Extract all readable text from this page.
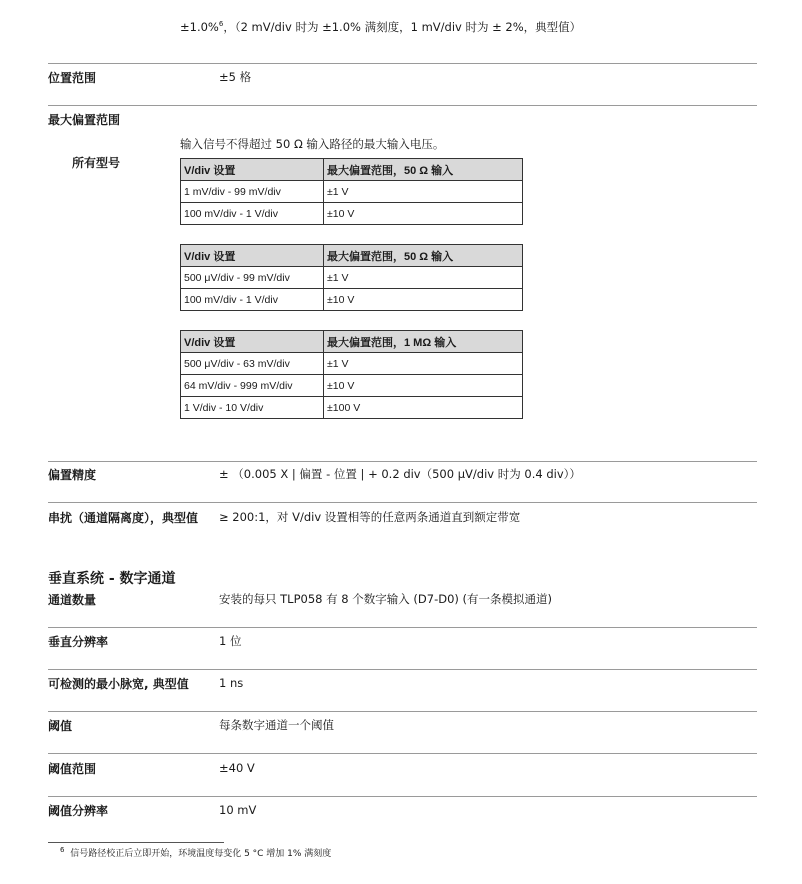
±1.0%$^6$，（2 mV/div 时为 ±1.0% 满刻度，1 mV/div 时为 ± 2%，典型值）
位置范围	±5 格
最大偏置范围
输入信号不得超过 50 Ω 输入路径的最大输入电压。
所有型号
V/div 设置	最大偏置范围，50 Ω 输入
1 mV/div - 99 mV/div	±1 V
100 mV/div - 1 V/div	±10 V
V/div 设置	最大偏置范围，50 Ω 输入
500 μV/div - 99 mV/div	±1 V
100 mV/div - 1 V/div	±10 V
V/div 设置	最大偏置范围，1 MΩ 输入
500 μV/div - 63 mV/div	±1 V
64 mV/div - 999 mV/div	±10 V
1 V/div - 10 V/div	±100 V
偏置精度	± （0.005 X | 偏置 - 位置 | + 0.2 div（500 μV/div 时为 0.4 div））
串扰（通道隔离度），典型值	≥ 200:1，对 V/div 设置相等的任意两条通道直到额定带宽
垂直系统 - 数字通道
通道数量	安装的每只 TLP058 有 8 个数字输入 (D7-D0) (有一条模拟通道)
垂直分辨率	1 位
可检测的最小脉宽, 典型值	1 ns
阈值	每条数字通道一个阈值
阈值范围	±40 V
阈值分辨率	10 mV
$^6$ 信号路径校正后立即开始，环境温度每变化 5 °C 增加 1% 满刻度
